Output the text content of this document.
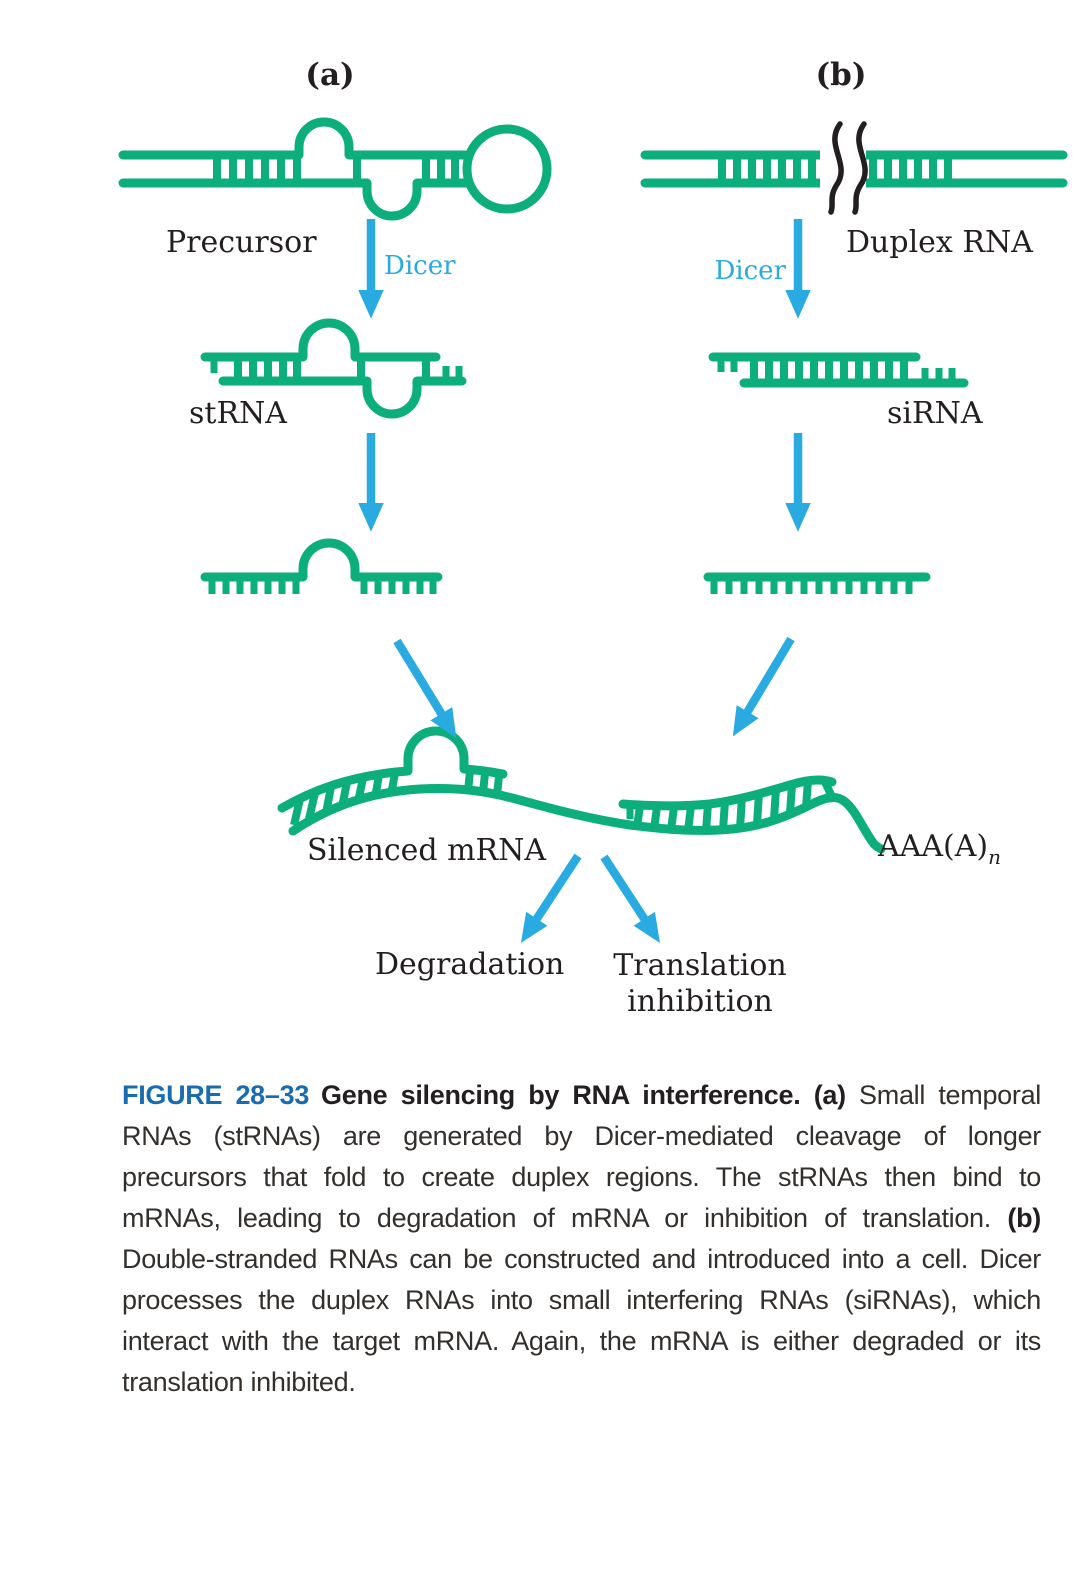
(a)	(b)
Precursor
Dicer
Duplex RNA
Dicer
stRNA	siRNA
Silenced mRNA	$AAA(A)_n$
Degradation	Translation
inhibition

FIGURE 28–33 Gene silencing by RNA interference. (a) Small temporal RNAs (stRNAs) are generated by Dicer-mediated cleavage of longer precursors that fold to create duplex regions. The stRNAs then bind to mRNAs, leading to degradation of mRNA or inhibition of translation. (b) Double-stranded RNAs can be constructed and introduced into a cell. Dicer processes the duplex RNAs into small interfering RNAs (siRNAs), which interact with the target mRNA. Again, the mRNA is either degraded or its translation inhibited.
